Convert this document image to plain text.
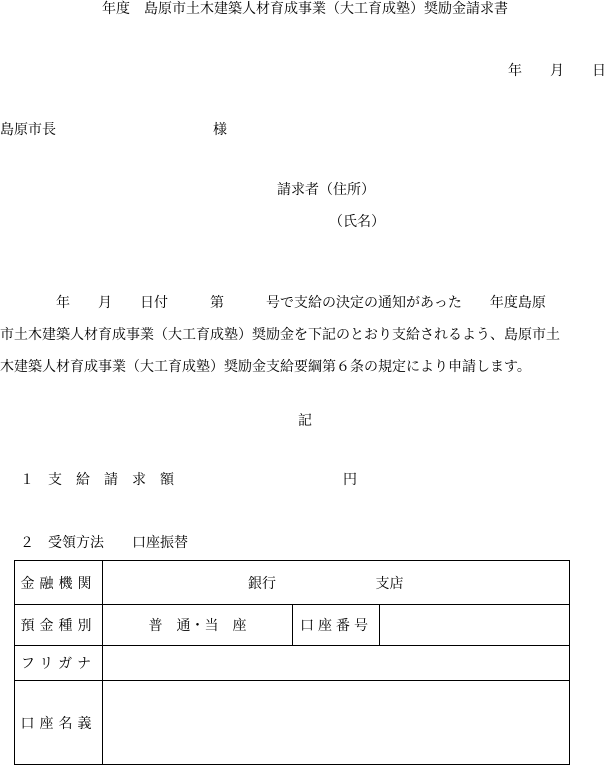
年度　島原市土木建築人材育成事業（大工育成塾）奨励金請求書
年　　月　　日
島原市長	様
請求者（住所）
（氏名）
　　　　年　　月　　日付　　　第　　　号で支給の決定の通知があった　　年度島原
市土木建築人材育成事業（大工育成塾）奨励金を下記のとおり支給されるよう、島原市土
木建築人材育成事業（大工育成塾）奨励金支給要綱第６条の規定により申請します。
記
１　支　給　請　求　額	円
２　受領方法　　口座振替
金融機関	銀行 支店		
預金種別	普　通・当　座	口座番号	
フリガナ			
口座名義			
